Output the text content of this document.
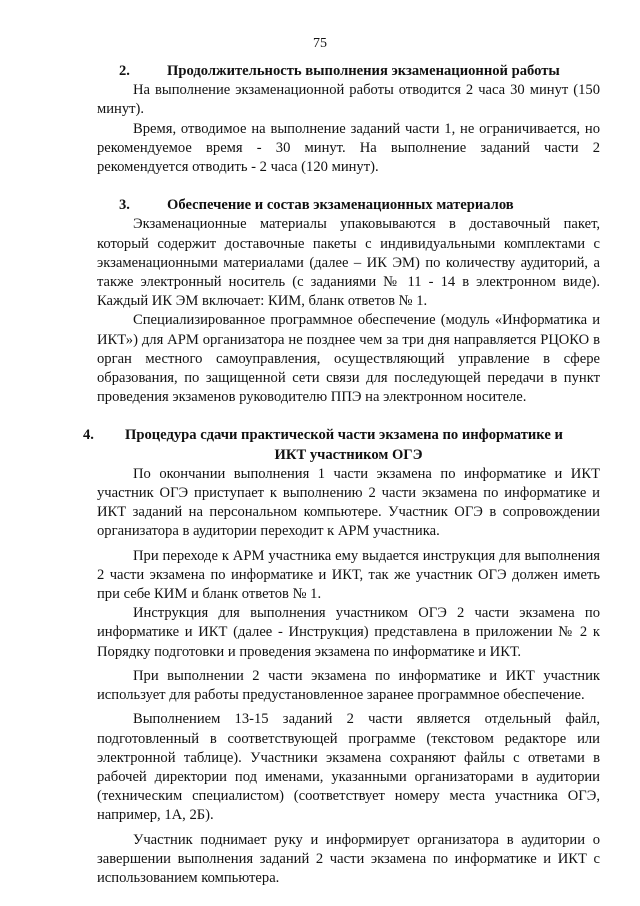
75
2.	Продолжительность выполнения экзаменационной работы

На выполнение экзаменационной работы отводится 2 часа 30 минут (150 минут).

Время, отводимое на выполнение заданий части 1, не ограничивается, но рекомендуемое время - 30 минут. На выполнение заданий части 2 рекомендуется отводить - 2 часа (120 минут).

3.	Обеспечение и состав экзаменационных материалов

Экзаменационные материалы упаковываются в доставочный пакет, который содержит доставочные пакеты с индивидуальными комплектами с экзаменационными материалами (далее – ИК ЭМ) по количеству аудиторий, а также электронный носитель (с заданиями № 11 - 14 в электронном виде). Каждый ИК ЭМ включает: КИМ, бланк ответов № 1.

Специализированное программное обеспечение (модуль «Информатика и ИКТ») для АРМ организатора не позднее чем за три дня направляется РЦОКО в орган местного самоуправления, осуществляющий управление в сфере образования, по защищенной сети связи для последующей передачи в пункт проведения экзаменов руководителю ППЭ на электронном носителе.

4.	Процедура сдачи практической части экзамена по информатике и
ИКТ участником ОГЭ

По окончании выполнения 1 части экзамена по информатике и ИКТ участник ОГЭ приступает к выполнению 2 части экзамена по информатике и ИКТ заданий на персональном компьютере. Участник ОГЭ в сопровождении организатора в аудитории переходит к АРМ участника.

При переходе к АРМ участника ему выдается инструкция для выполнения 2 части экзамена по информатике и ИКТ, так же участник ОГЭ должен иметь при себе КИМ и бланк ответов № 1.

Инструкция для выполнения участником ОГЭ 2 части экзамена по информатике и ИКТ (далее - Инструкция) представлена в приложении № 2 к Порядку подготовки и проведения экзамена по информатике и ИКТ.

При выполнении 2 части экзамена по информатике и ИКТ участник использует для работы предустановленное заранее программное обеспечение.

Выполнением 13-15 заданий 2 части является отдельный файл, подготовленный в соответствующей программе (текстовом редакторе или электронной таблице). Участники экзамена сохраняют файлы с ответами в рабочей директории под именами, указанными организаторами в аудитории (техническим специалистом) (соответствует номеру места участника ОГЭ, например, 1А, 2Б).

Участник поднимает руку и информирует организатора в аудитории о завершении выполнения заданий 2 части экзамена по информатике и ИКТ с использованием компьютера.
